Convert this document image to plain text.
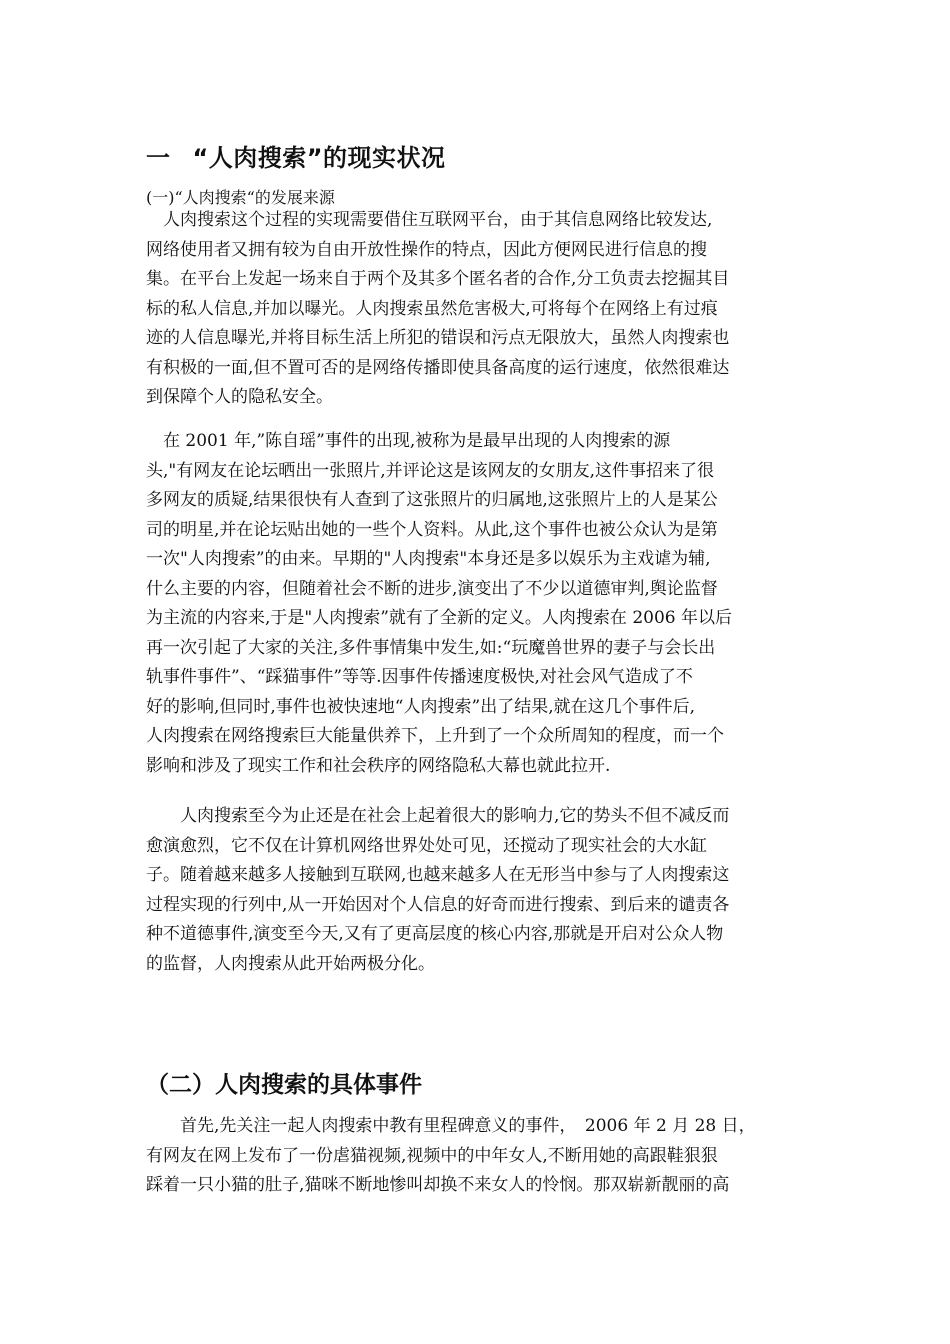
一 “人肉搜索”的现实状况

(一)“人肉搜索“的发展来源

　人肉搜索这个过程的实现需要借住互联网平台，由于其信息网络比较发达,
网络使用者又拥有较为自由开放性操作的特点，因此方便网民进行信息的搜
集。在平台上发起一场来自于两个及其多个匿名者的合作,分工负责去挖掘其目
标的私人信息,并加以曝光。人肉搜索虽然危害极大,可将每个在网络上有过痕
迹的人信息曝光,并将目标生活上所犯的错误和污点无限放大，虽然人肉搜索也
有积极的一面,但不置可否的是网络传播即使具备高度的运行速度，依然很难达
到保障个人的隐私安全。
　在 2001 年,”陈自瑶”事件的出现,被称为是最早出现的人肉搜索的源
头,"有网友在论坛晒出一张照片,并评论这是该网友的女朋友,这件事招来了很
多网友的质疑,结果很快有人查到了这张照片的归属地,这张照片上的人是某公
司的明星,并在论坛贴出她的一些个人资料。从此,这个事件也被公众认为是第
一次"人肉搜索”的由来。早期的"人肉搜索"本身还是多以娱乐为主戏谑为辅,
什么主要的内容，但随着社会不断的进步,演变出了不少以道德审判,舆论监督
为主流的内容来,于是"人肉搜索”就有了全新的定义。人肉搜索在 2006 年以后
再一次引起了大家的关注,多件事情集中发生,如:“玩魔兽世界的妻子与会长出
轨事件事件”、“踩猫事件”等等.因事件传播速度极快,对社会风气造成了不
好的影响,但同时,事件也被快速地“人肉搜索”出了结果,就在这几个事件后,
人肉搜索在网络搜索巨大能量供养下，上升到了一个众所周知的程度，而一个
影响和涉及了现实工作和社会秩序的网络隐私大幕也就此拉开.
　　人肉搜索至今为止还是在社会上起着很大的影响力,它的势头不但不减反而
愈演愈烈，它不仅在计算机网络世界处处可见，还搅动了现实社会的大水缸
子。随着越来越多人接触到互联网,也越来越多人在无形当中参与了人肉搜索这
过程实现的行列中,从一开始因对个人信息的好奇而进行搜索、到后来的谴责各
种不道德事件,演变至今天,又有了更高层度的核心内容,那就是开启对公众人物
的监督，人肉搜索从此开始两极分化。
（二）人肉搜索的具体事件
　　首先,先关注一起人肉搜索中教有里程碑意义的事件，　2006 年 2 月 28 日，
有网友在网上发布了一份虐猫视频,视频中的中年女人,不断用她的高跟鞋狠狠
踩着一只小猫的肚子,猫咪不断地惨叫却换不来女人的怜悯。那双崭新靓丽的高
